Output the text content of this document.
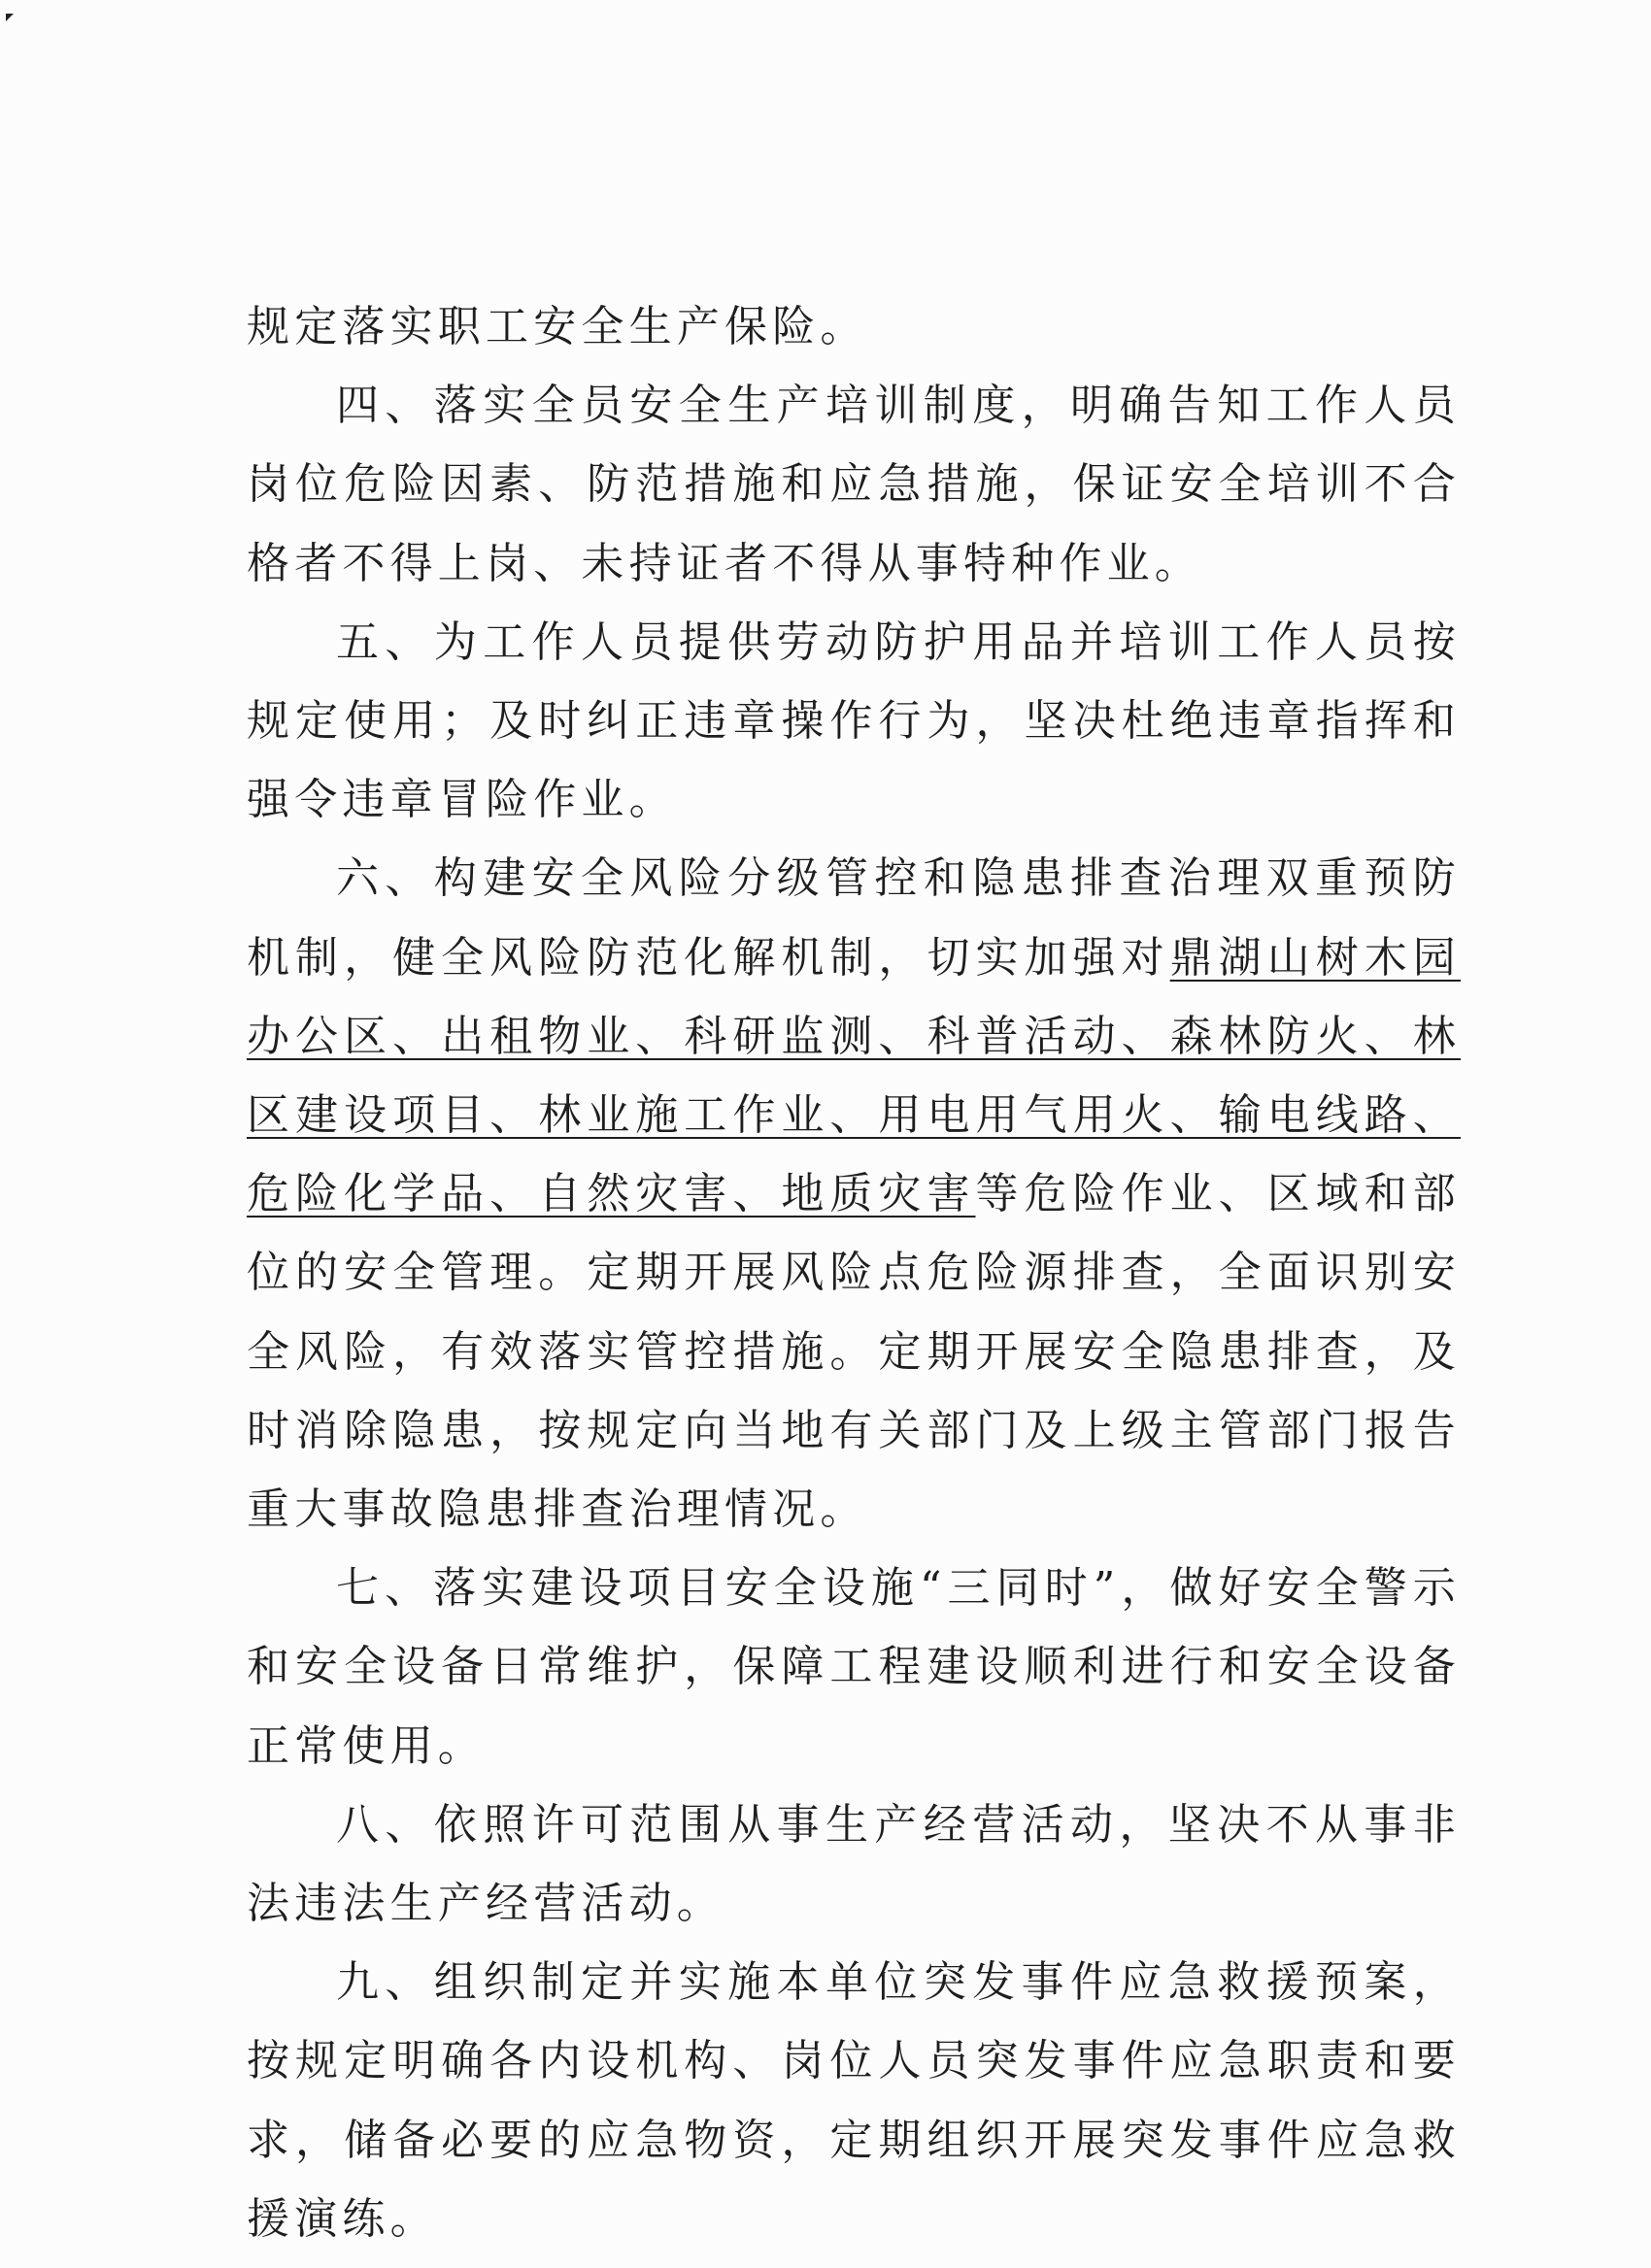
规定落实职工安全生产保险。

四、落实全员安全生产培训制度，明确告知工作人员岗位危险因素、防范措施和应急措施，保证安全培训不合格者不得上岗、未持证者不得从事特种作业。

五、为工作人员提供劳动防护用品并培训工作人员按规定使用；及时纠正违章操作行为，坚决杜绝违章指挥和强令违章冒险作业。

六、构建安全风险分级管控和隐患排查治理双重预防机制，健全风险防范化解机制，切实加强对鼎湖山树木园办公区、出租物业、科研监测、科普活动、森林防火、林区建设项目、林业施工作业、用电用气用火、输电线路、危险化学品、自然灾害、地质灾害等危险作业、区域和部位的安全管理。定期开展风险点危险源排查，全面识别安全风险，有效落实管控措施。定期开展安全隐患排查，及时消除隐患，按规定向当地有关部门及上级主管部门报告重大事故隐患排查治理情况。

七、落实建设项目安全设施“三同时”，做好安全警示和安全设备日常维护，保障工程建设顺利进行和安全设备正常使用。

八、依照许可范围从事生产经营活动，坚决不从事非法违法生产经营活动。

九、组织制定并实施本单位突发事件应急救援预案，按规定明确各内设机构、岗位人员突发事件应急职责和要求，储备必要的应急物资，定期组织开展突发事件应急救援演练。
